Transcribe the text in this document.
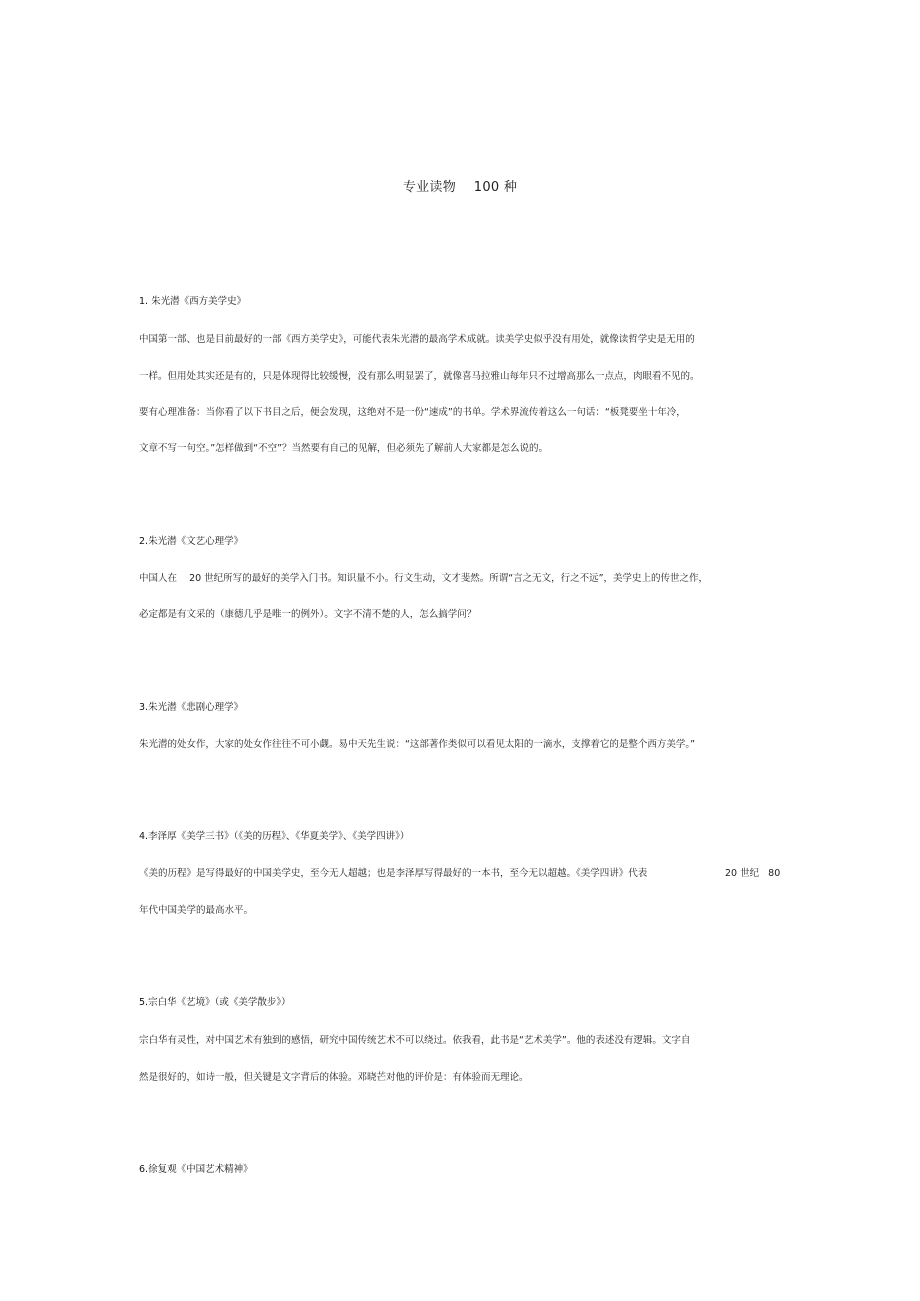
专业读物    100 种
1. 朱光潜《西方美学史》
中国第一部、也是目前最好的一部《西方美学史》，可能代表朱光潜的最高学术成就。读美学史似乎没有用处，就像读哲学史是无用的
一样。但用处其实还是有的，只是体现得比较缓慢，没有那么明显罢了，就像喜马拉雅山每年只不过增高那么一点点，肉眼看不见的。
要有心理准备：当你看了以下书目之后，便会发现，这绝对不是一份“速成”的书单。学术界流传着这么一句话：“板凳要坐十年冷，
文章不写一句空。”怎样做到“不空”？当然要有自己的见解，但必须先了解前人大家都是怎么说的。
2.朱光潜《文艺心理学》
中国人在    20 世纪所写的最好的美学入门书。知识量不小。行文生动，文才斐然。所谓“言之无文，行之不远”，美学史上的传世之作，
必定都是有文采的（康德几乎是唯一的例外）。文字不清不楚的人，怎么搞学问？
3.朱光潜《悲剧心理学》
朱光潜的处女作，大家的处女作往往不可小觑。易中天先生说：“这部著作类似可以看见太阳的一滴水，支撑着它的是整个西方美学。”
4.李泽厚《美学三书》（《美的历程》、《华夏美学》、《美学四讲》）
《美的历程》是写得最好的中国美学史，至今无人超越；也是李泽厚写得最好的一本书，至今无以超越。《美学四讲》代表	20 世纪   80
年代中国美学的最高水平。
5.宗白华《艺境》（或《美学散步》）
宗白华有灵性，对中国艺术有独到的感悟，研究中国传统艺术不可以绕过。依我看，此书是“艺术美学”。他的表述没有逻辑。文字自
然是很好的，如诗一般，但关键是文字背后的体验。邓晓芒对他的评价是：有体验而无理论。
6.徐复观《中国艺术精神》
